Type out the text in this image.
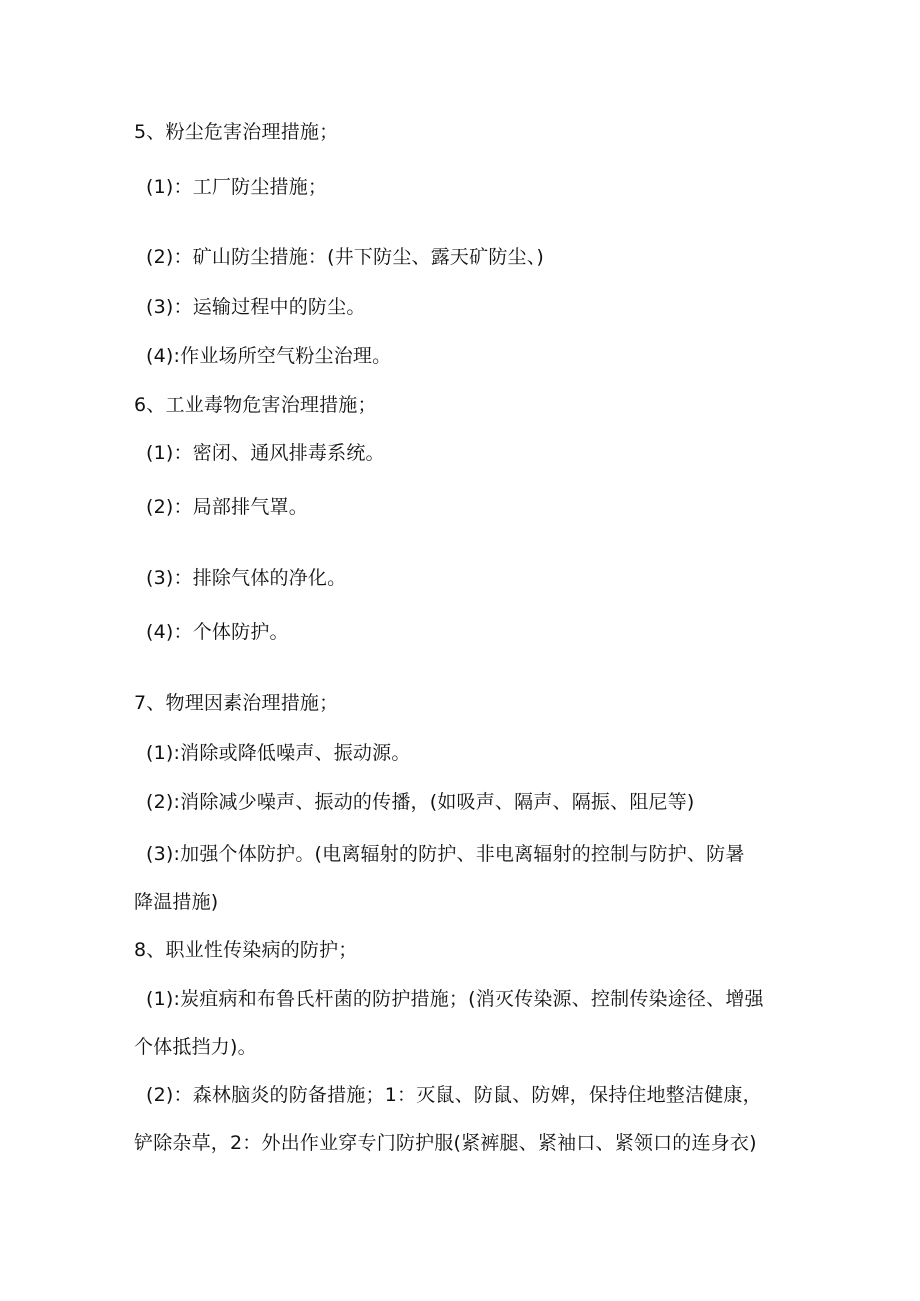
5、粉尘危害治理措施；
(1)：工厂防尘措施；
(2)：矿山防尘措施：(井下防尘、露天矿防尘、)
(3)：运输过程中的防尘。
(4):作业场所空气粉尘治理。
6、工业毒物危害治理措施；
(1)：密闭、通风排毒系统。
(2)：局部排气罩。
(3)：排除气体的净化。
(4)：个体防护。
7、物理因素治理措施；
(1):消除或降低噪声、振动源。
(2):消除减少噪声、振动的传播，(如吸声、隔声、隔振、阻尼等)
(3):加强个体防护。(电离辐射的防护、非电离辐射的控制与防护、防暑
降温措施)
8、职业性传染病的防护；
(1):炭疽病和布鲁氏杆菌的防护措施；(消灭传染源、控制传染途径、增强
个体抵挡力)。
(2)：森林脑炎的防备措施；1：灭鼠、防鼠、防婢，保持住地整洁健康，
铲除杂草，2：外出作业穿专门防护服(紧裤腿、紧袖口、紧领口的连身衣)
